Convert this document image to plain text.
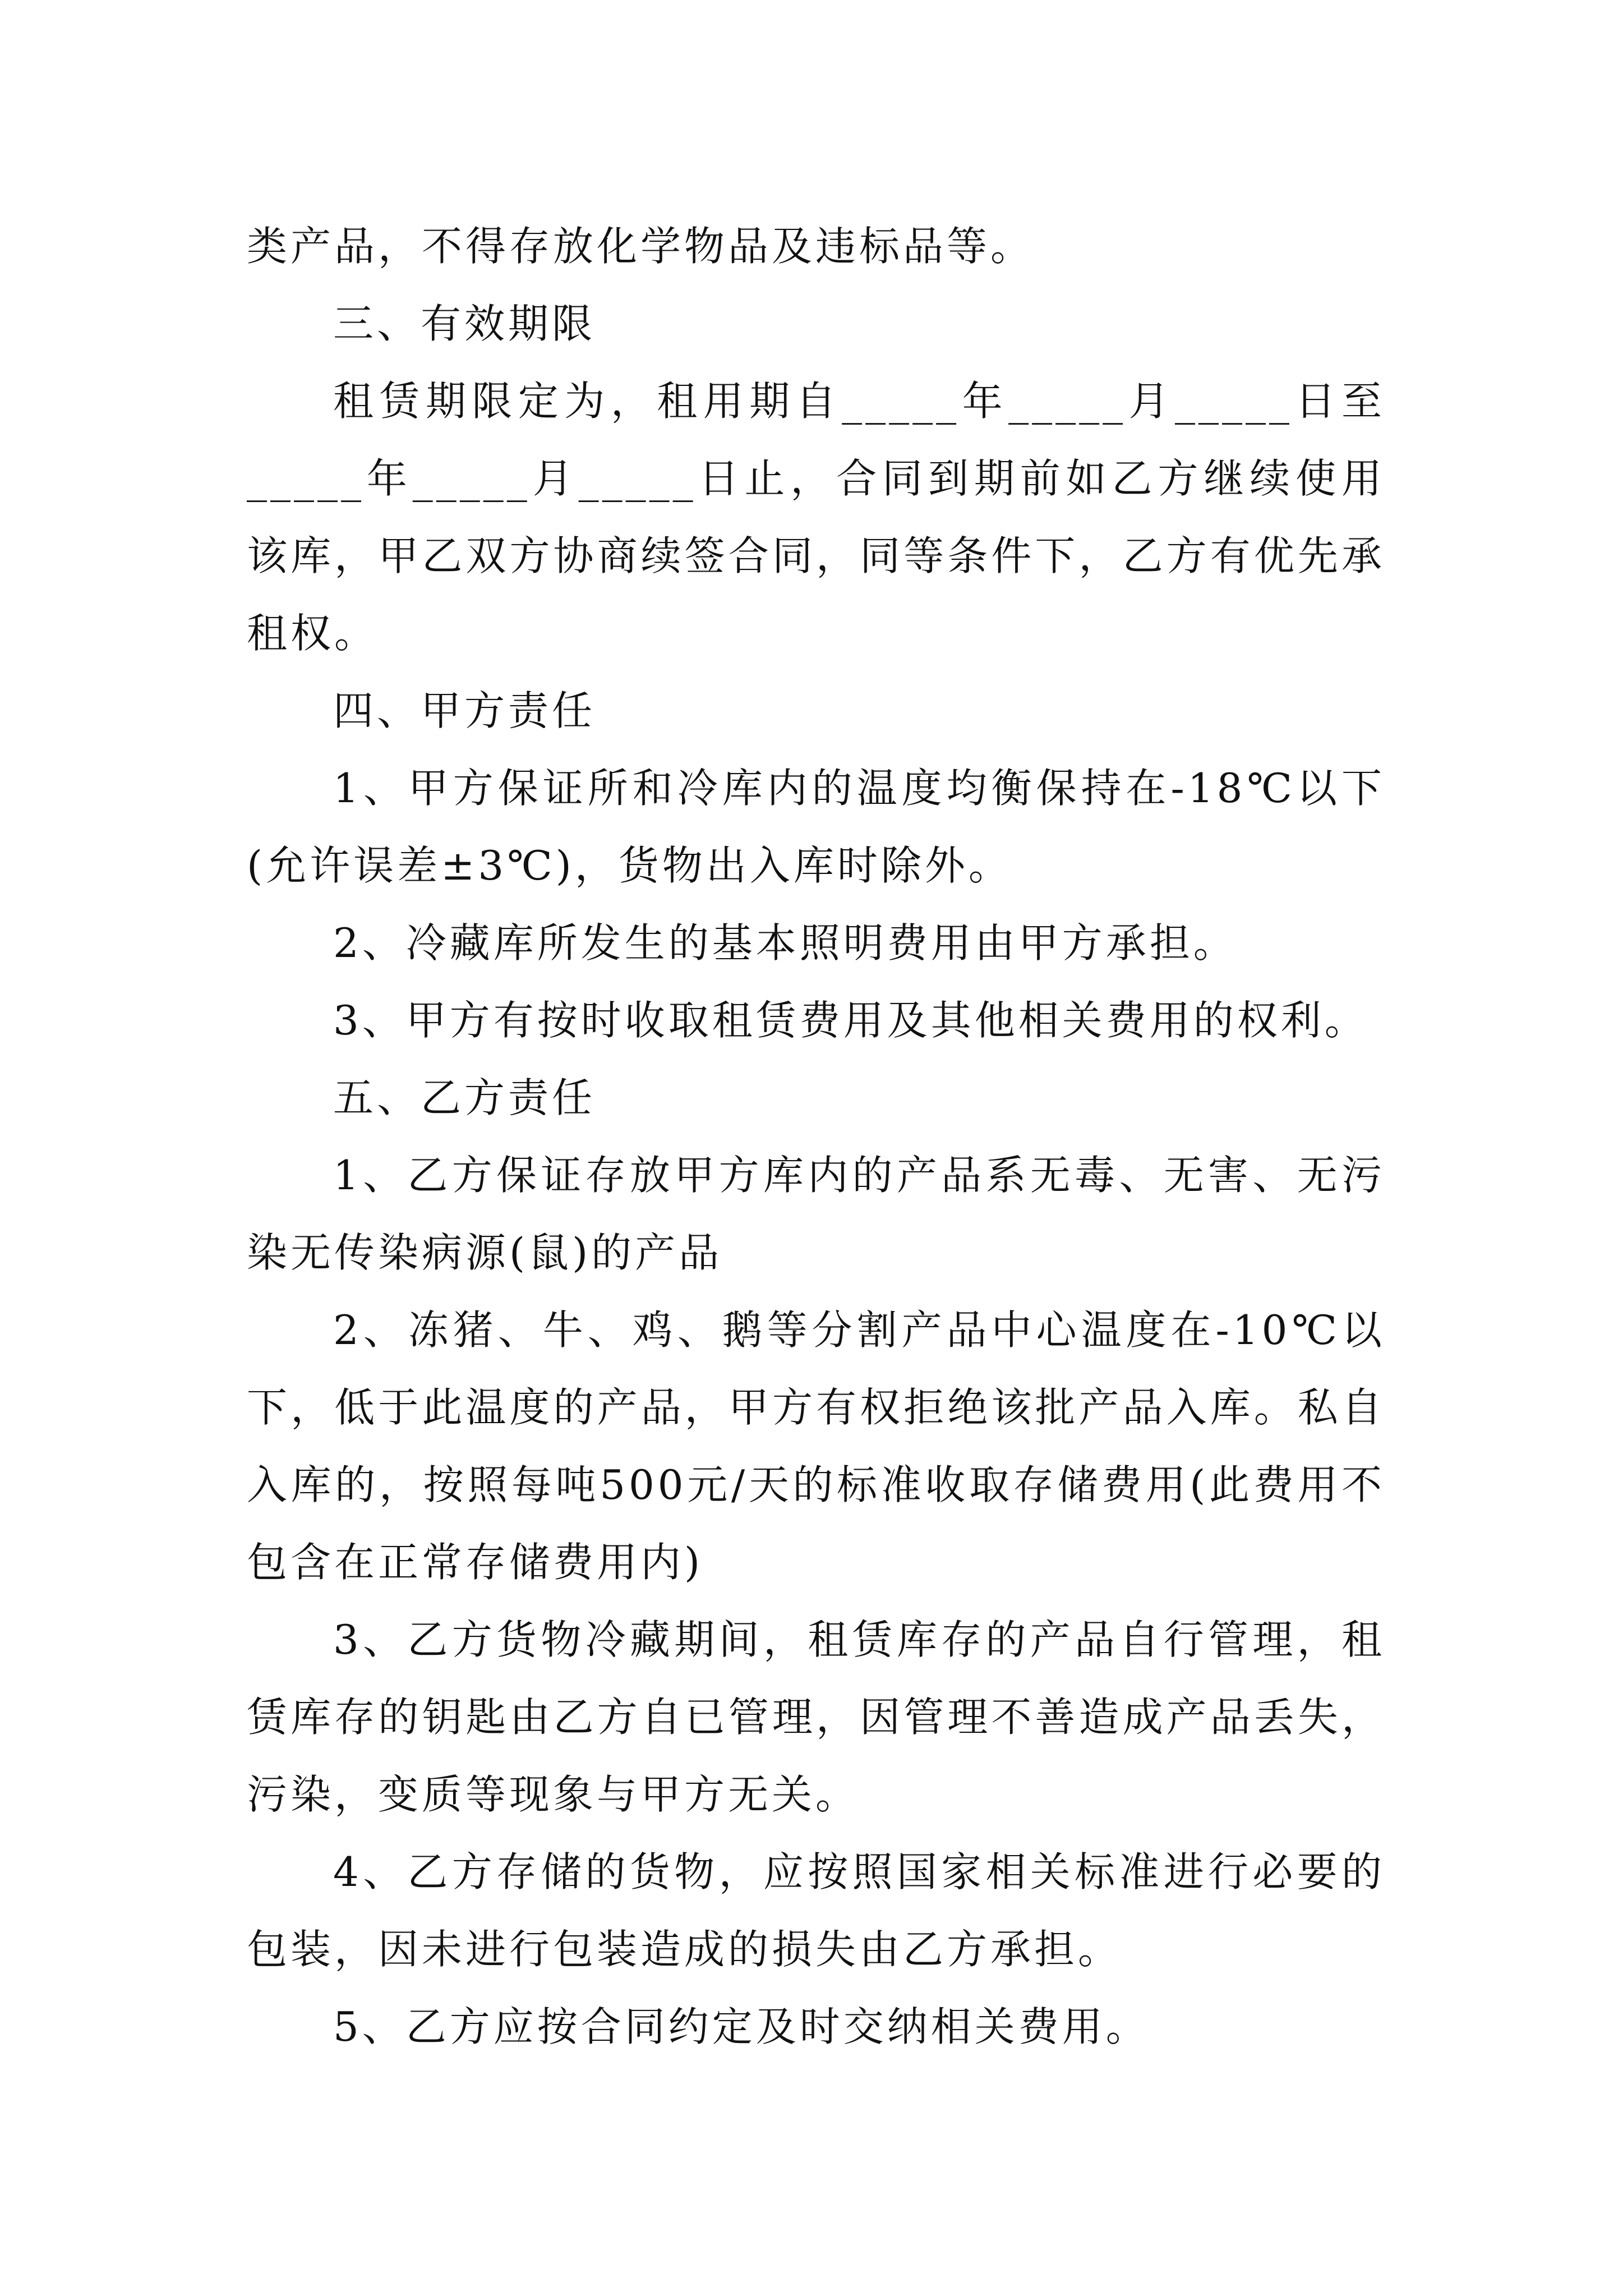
类产品，不得存放化学物品及违标品等。

三、有效期限

租赁期限定为，租用期自_____年_____月_____日至_____年_____月_____日止，合同到期前如乙方继续使用该库，甲乙双方协商续签合同，同等条件下，乙方有优先承租权。

四、甲方责任

1、甲方保证所和冷库内的温度均衡保持在-18℃以下(允许误差±3℃)，货物出入库时除外。

2、冷藏库所发生的基本照明费用由甲方承担。

3、甲方有按时收取租赁费用及其他相关费用的权利。

五、乙方责任

1、乙方保证存放甲方库内的产品系无毒、无害、无污染无传染病源(鼠)的产品

2、冻猪、牛、鸡、鹅等分割产品中心温度在-10℃以下，低于此温度的产品，甲方有权拒绝该批产品入库。私自入库的，按照每吨500元/天的标准收取存储费用(此费用不包含在正常存储费用内)

3、乙方货物冷藏期间，租赁库存的产品自行管理，租赁库存的钥匙由乙方自已管理，因管理不善造成产品丢失，污染，变质等现象与甲方无关。

4、乙方存储的货物，应按照国家相关标准进行必要的包装，因未进行包装造成的损失由乙方承担。

5、乙方应按合同约定及时交纳相关费用。
